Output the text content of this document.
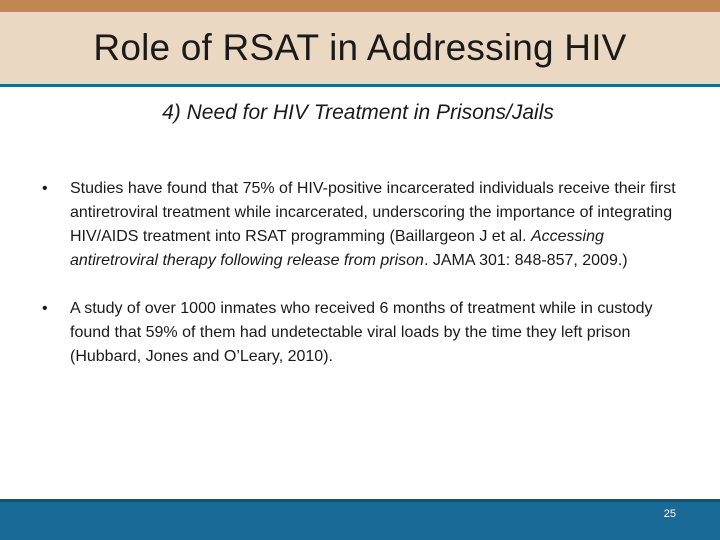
Role of RSAT in Addressing HIV
4) Need for HIV Treatment in Prisons/Jails
•	Studies have found that 75% of HIV-positive incarcerated individuals receive their first antiretroviral treatment while incarcerated, underscoring the importance of integrating HIV/AIDS treatment into RSAT programming (Baillargeon J et al. Accessing antiretroviral therapy following release from prison. JAMA 301: 848-857, 2009.)
•	A study of over 1000 inmates who received 6 months of treatment while in custody found that 59% of them had undetectable viral loads by the time they left prison (Hubbard, Jones and O’Leary, 2010).
25
